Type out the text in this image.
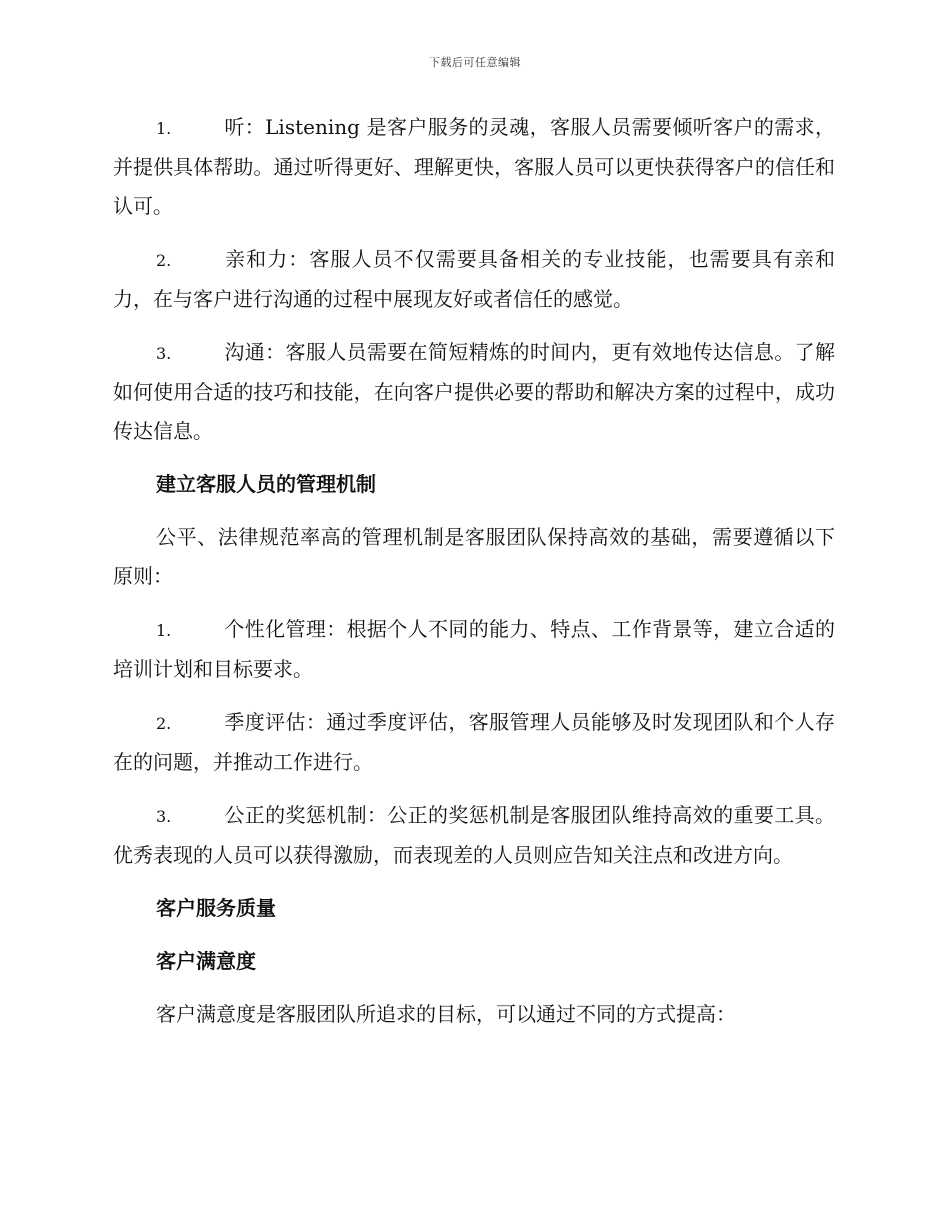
下载后可任意编辑

1.	听：Listening 是客户服务的灵魂，客服人员需要倾听客户的需求，并提供具体帮助。通过听得更好、理解更快，客服人员可以更快获得客户的信任和认可。

2.	亲和力：客服人员不仅需要具备相关的专业技能，也需要具有亲和力，在与客户进行沟通的过程中展现友好或者信任的感觉。

3.	沟通：客服人员需要在简短精炼的时间内，更有效地传达信息。了解如何使用合适的技巧和技能，在向客户提供必要的帮助和解决方案的过程中，成功传达信息。

建立客服人员的管理机制

公平、法律规范率高的管理机制是客服团队保持高效的基础，需要遵循以下原则：

1.	个性化管理：根据个人不同的能力、特点、工作背景等，建立合适的培训计划和目标要求。

2.	季度评估：通过季度评估，客服管理人员能够及时发现团队和个人存在的问题，并推动工作进行。

3.	公正的奖惩机制：公正的奖惩机制是客服团队维持高效的重要工具。优秀表现的人员可以获得激励，而表现差的人员则应告知关注点和改进方向。

客户服务质量
客户满意度

客户满意度是客服团队所追求的目标，可以通过不同的方式提高：
